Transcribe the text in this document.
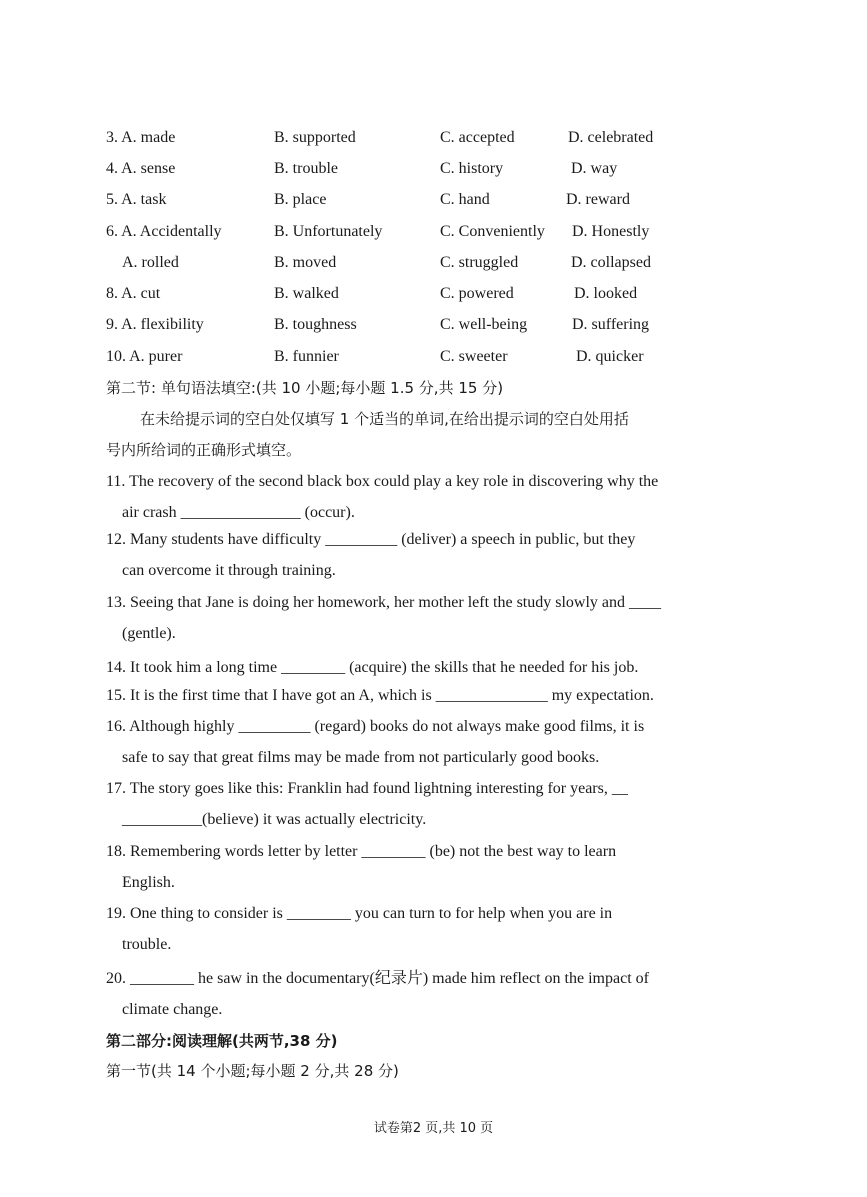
3. A. made	B. supported	C. accepted	D. celebrated
4. A. sense	B. trouble	C. history	D. way
5. A. task	B. place	C. hand	D. reward
6. A. Accidentally	B. Unfortunately	C. Conveniently D. Honestly
A. rolled	B. moved	C. struggled	D. collapsed
8. A. cut	B. walked	C. powered	D. looked
9. A. flexibility	B. toughness	C. well-being	D. suffering
10. A. purer	B. funnier	C. sweeter	D. quicker
第二节: 单句语法填空:(共 10 小题;每小题 1.5 分,共 15 分)
在未给提示词的空白处仅填写 1 个适当的单词,在给出提示词的空白处用括
号内所给词的正确形式填空。
11. The recovery of the second black box could play a key role in discovering why the
air crash _______________ (occur).
12. Many students have difficulty _________ (deliver) a speech in public, but they
can overcome it through training.
13. Seeing that Jane is doing her homework, her mother left the study slowly and ____
(gentle).
14. It took him a long time ________ (acquire) the skills that he needed for his job.
15. It is the first time that I have got an A, which is ______________ my expectation.
16. Although highly _________ (regard) books do not always make good films, it is
safe to say that great films may be made from not particularly good books.
17. The story goes like this: Franklin had found lightning interesting for years, __
__________(believe) it was actually electricity.
18. Remembering words letter by letter ________ (be) not the best way to learn
English.
19. One thing to consider is ________ you can turn to for help when you are in
trouble.
20. ________ he saw in the documentary(纪录片) made him reflect on the impact of
climate change.
第二部分:阅读理解(共两节,38 分)
第一节(共 14 个小题;每小题 2 分,共 28 分)
试卷第2 页,共 10 页
